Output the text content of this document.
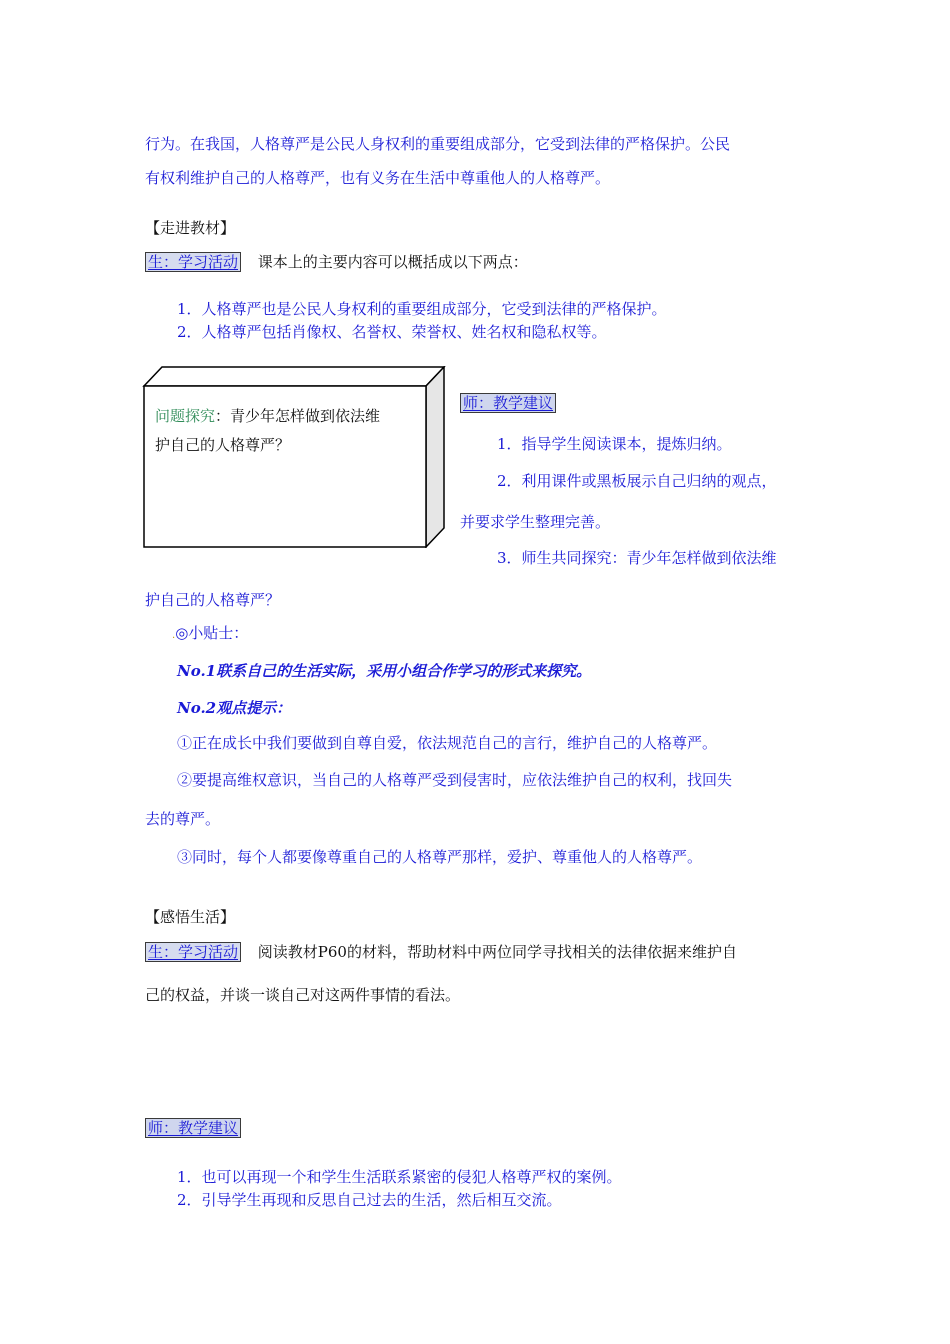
行为。在我国，人格尊严是公民人身权利的重要组成部分，它受到法律的严格保护。公民
有权利维护自己的人格尊严，也有义务在生活中尊重他人的人格尊严。
【走进教材】
生：学习活动 课本上的主要内容可以概括成以下两点：
1．人格尊严也是公民人身权利的重要组成部分，它受到法律的严格保护。
2．人格尊严包括肖像权、名誉权、荣誉权、姓名权和隐私权等。
问题探究：青少年怎样做到依法维
护自己的人格尊严？
师：教学建议
1．指导学生阅读课本，提炼归纳。
2．利用课件或黑板展示自己归纳的观点，
并要求学生整理完善。
3．师生共同探究：青少年怎样做到依法维
护自己的人格尊严？
.◎小贴士：
No.1联系自己的生活实际，采用小组合作学习的形式来探究。
No.2观点提示：
①正在成长中我们要做到自尊自爱，依法规范自己的言行，维护自己的人格尊严。
②要提高维权意识，当自己的人格尊严受到侵害时，应依法维护自己的权利，找回失
去的尊严。
③同时，每个人都要像尊重自己的人格尊严那样，爱护、尊重他人的人格尊严。
【感悟生活】
生：学习活动 阅读教材P60的材料，帮助材料中两位同学寻找相关的法律依据来维护自
己的权益，并谈一谈自己对这两件事情的看法。
师：教学建议
1．也可以再现一个和学生生活联系紧密的侵犯人格尊严权的案例。
2．引导学生再现和反思自己过去的生活，然后相互交流。
